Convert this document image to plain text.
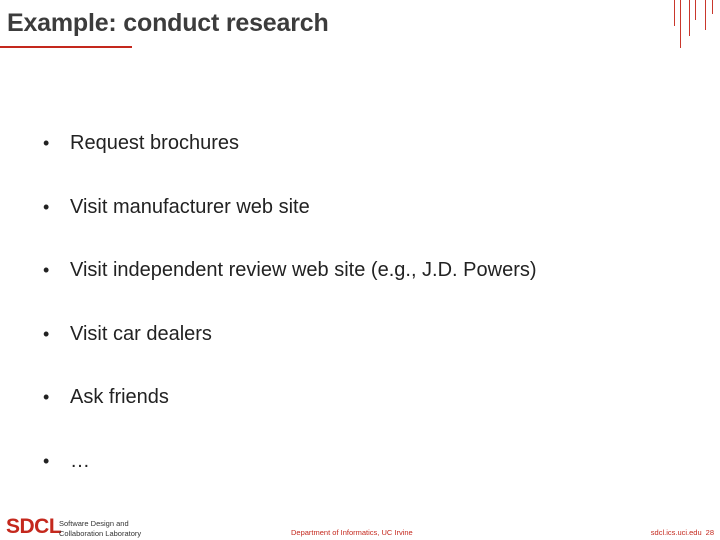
Example: conduct research
•	Request brochures
•	Visit manufacturer web site
•	Visit independent review web site (e.g., J.D. Powers)
•	Visit car dealers
•	Ask friends
•	…
SDCL
Software Design and
Collaboration Laboratory	Department of Informatics, UC Irvine	sdcl.ics.uci.edu 28
